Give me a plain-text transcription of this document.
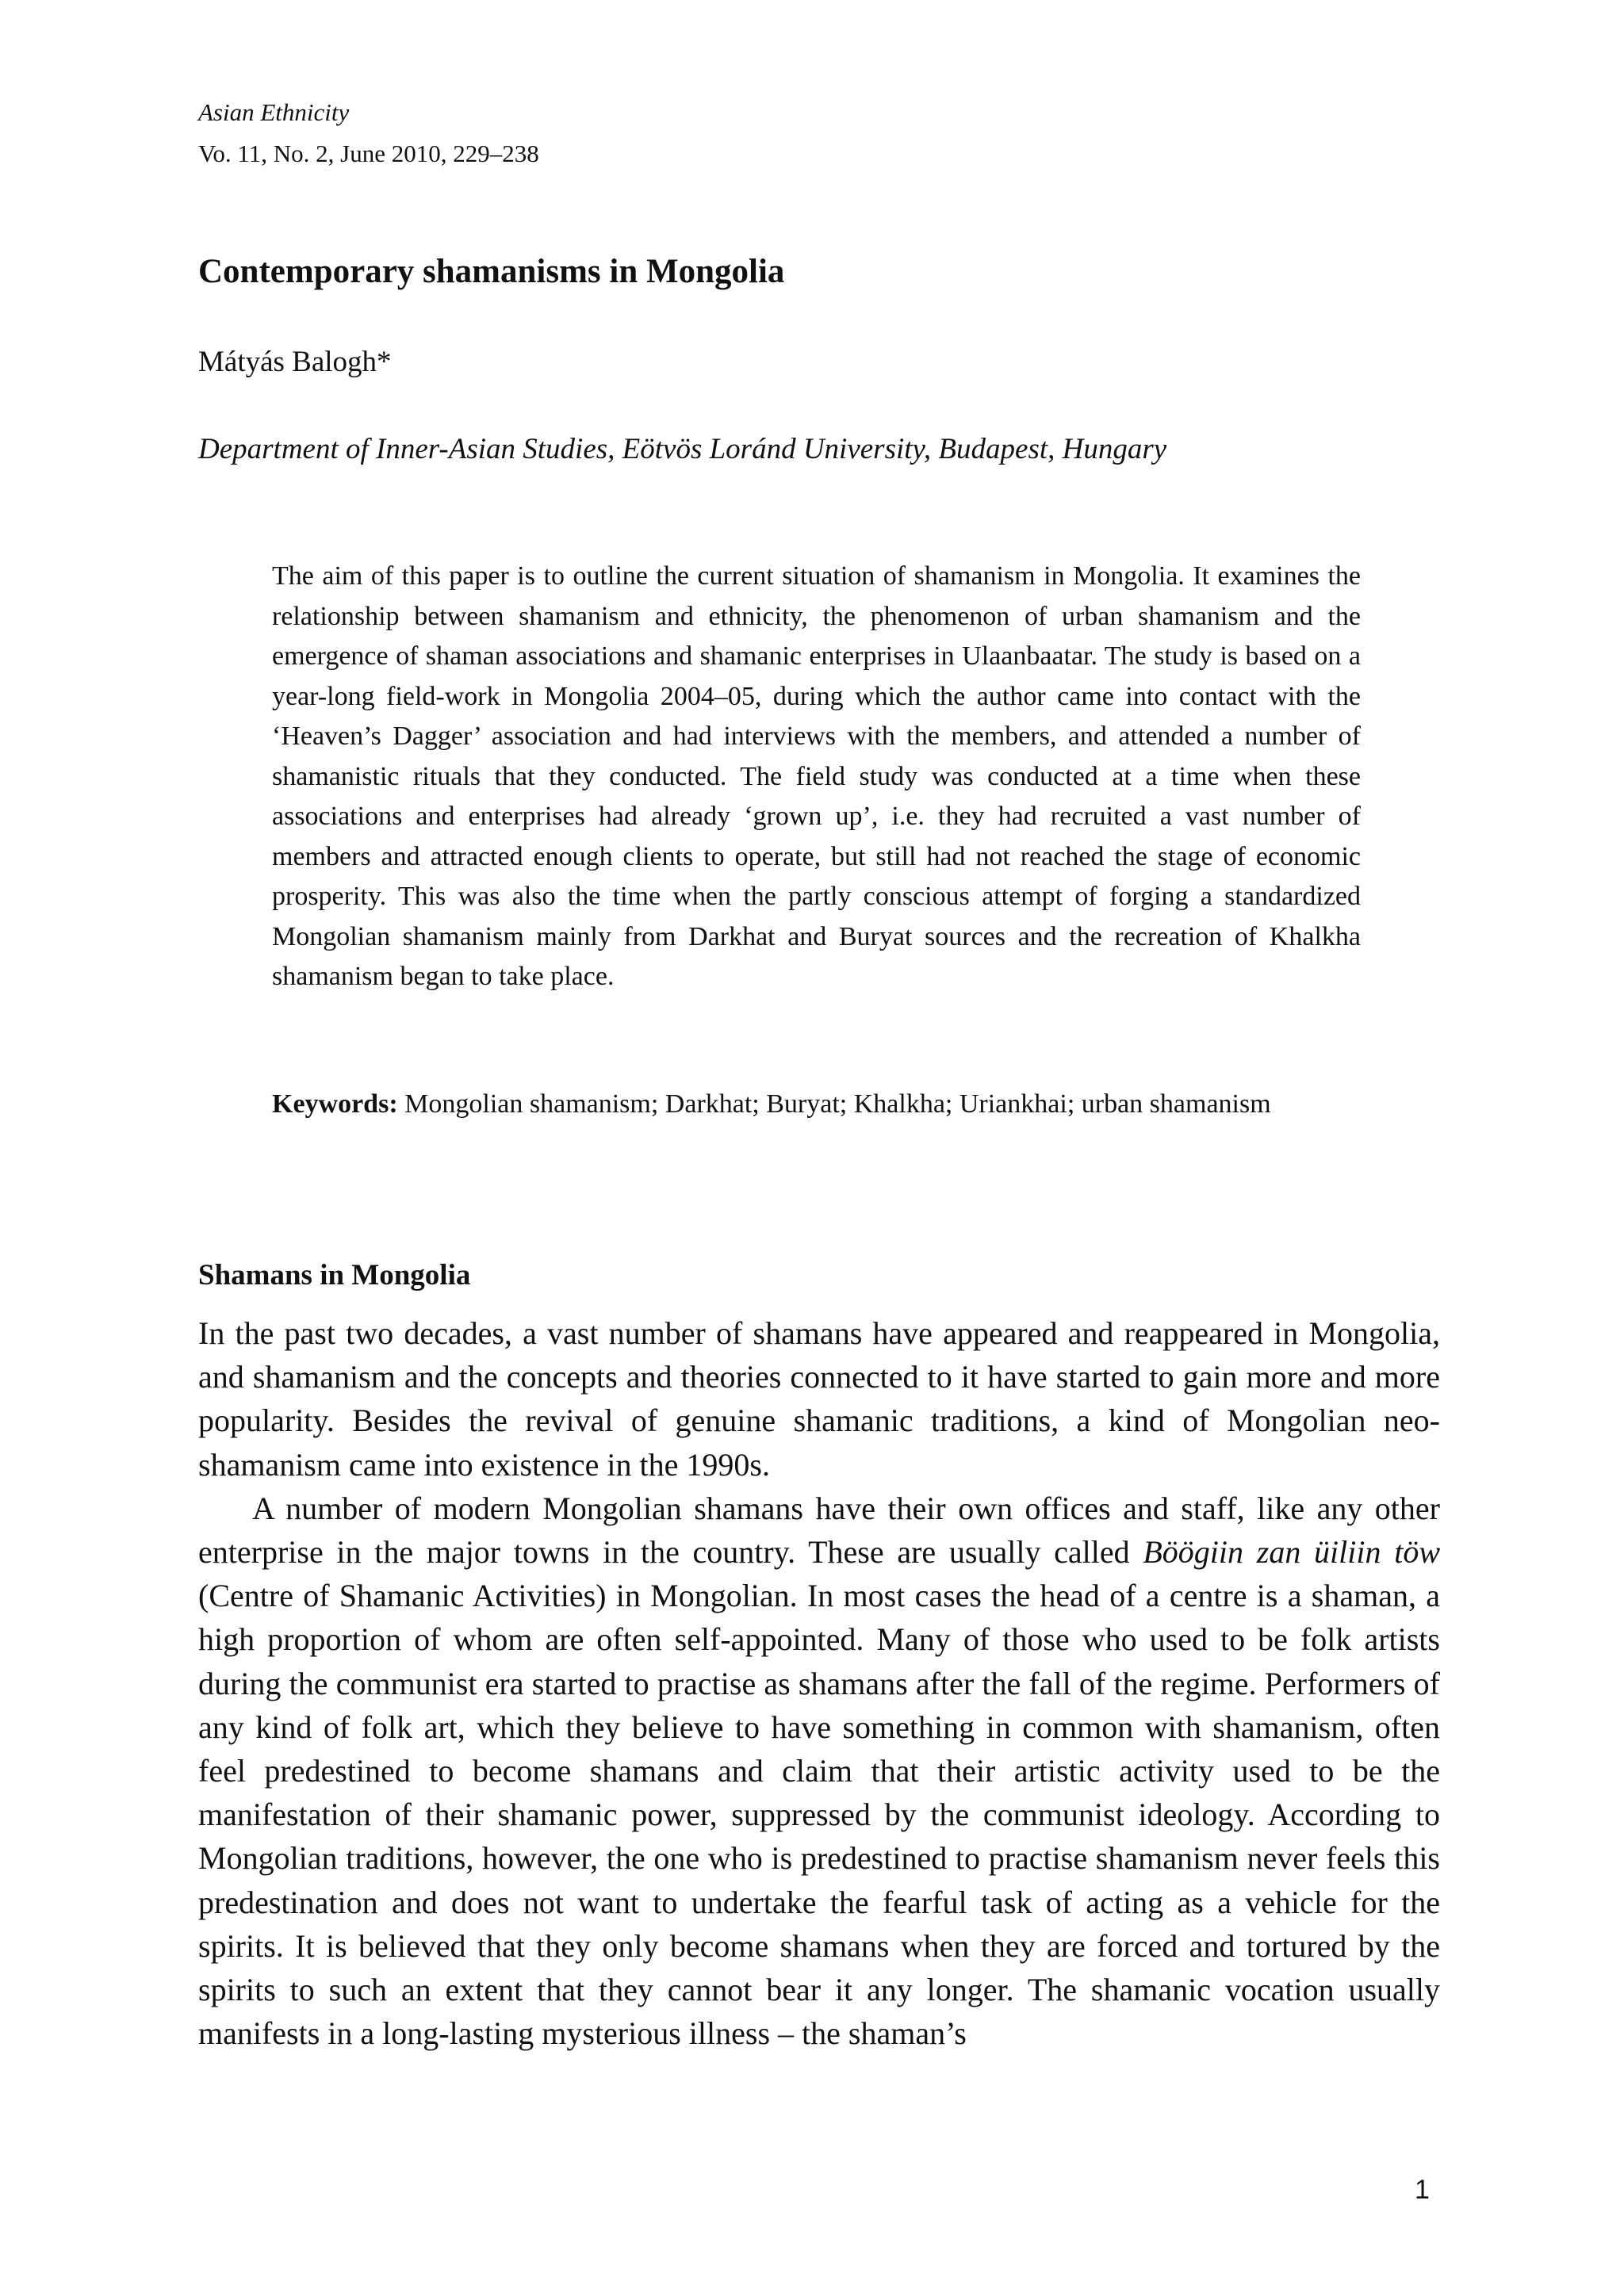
Asian Ethnicity
Vo. 11, No. 2, June 2010, 229–238
Contemporary shamanisms in Mongolia
Mátyás Balogh*
Department of Inner-Asian Studies, Eötvös Loránd University, Budapest, Hungary

The aim of this paper is to outline the current situation of shamanism in Mongolia. It examines the relationship between shamanism and ethnicity, the phenomenon of urban shamanism and the emergence of shaman associations and shamanic enterprises in Ulaanbaatar. The study is based on a year-long field-work in Mongolia 2004–05, during which the author came into contact with the ‘Heaven’s Dagger’ association and had interviews with the members, and attended a number of shamanistic rituals that they conducted. The field study was conducted at a time when these associations and enterprises had already ‘grown up’, i.e. they had recruited a vast number of members and attracted enough clients to operate, but still had not reached the stage of economic prosperity. This was also the time when the partly conscious attempt of forging a standardized Mongolian shamanism mainly from Darkhat and Buryat sources and the recreation of Khalkha shamanism began to take place.

Keywords: Mongolian shamanism; Darkhat; Buryat; Khalkha; Uriankhai; urban shamanism

Shamans in Mongolia

In the past two decades, a vast number of shamans have appeared and reappeared in Mongolia, and shamanism and the concepts and theories connected to it have started to gain more and more popularity. Besides the revival of genuine shamanic traditions, a kind of Mongolian neo-shamanism came into existence in the 1990s.

A number of modern Mongolian shamans have their own offices and staff, like any other enterprise in the major towns in the country. These are usually called Böögiin zan üiliin töw (Centre of Shamanic Activities) in Mongolian. In most cases the head of a centre is a shaman, a high proportion of whom are often self-appointed. Many of those who used to be folk artists during the communist era started to practise as shamans after the fall of the regime. Performers of any kind of folk art, which they believe to have something in common with shamanism, often feel predestined to become shamans and claim that their artistic activity used to be the manifestation of their shamanic power, suppressed by the communist ideology. According to Mongolian traditions, however, the one who is predestined to practise shamanism never feels this predestination and does not want to undertake the fearful task of acting as a vehicle for the spirits. It is believed that they only become shamans when they are forced and tortured by the spirits to such an extent that they cannot bear it any longer. The shamanic vocation usually manifests in a long-lasting mysterious illness – the shaman’s

1
